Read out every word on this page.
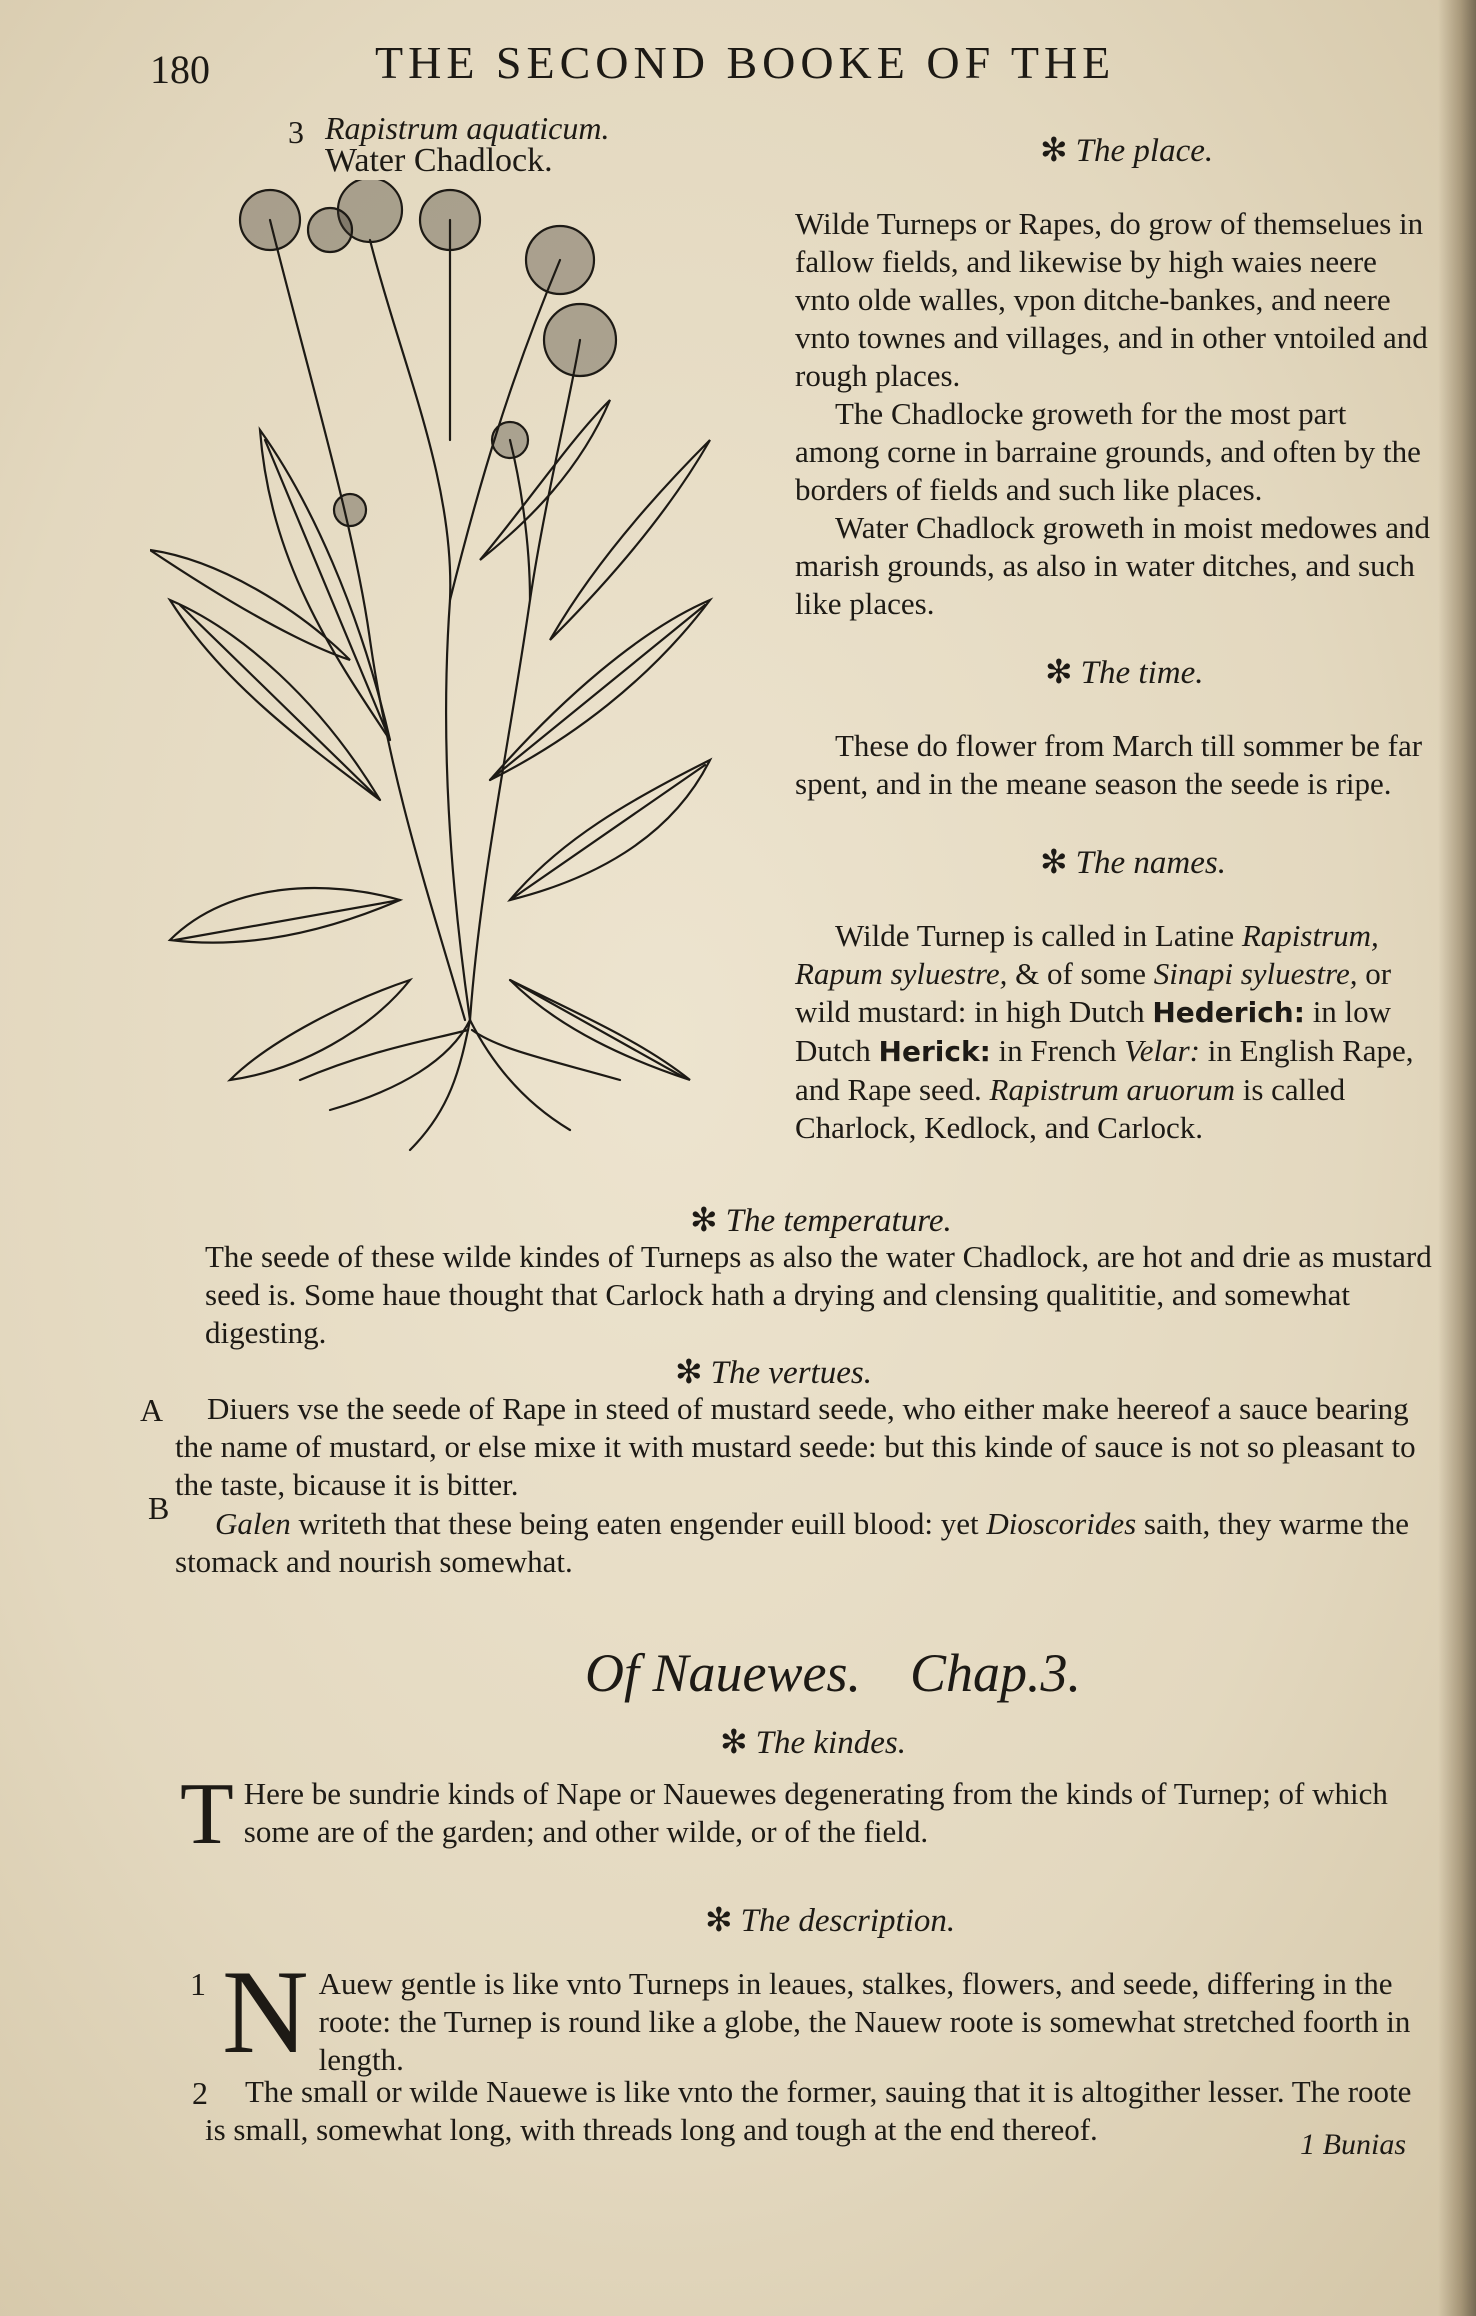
180	THE SECOND BOOKE OF THE
3 Rapistrum aquaticum.
Water Chadlock.	✻ The place.

Wilde Turneps or Rapes, do grow of themselues in fallow fields, and likewise by high waies neere vnto olde walles, vpon ditche-bankes, and neere vnto townes and villages, and in other vntoiled and rough places.

The Chadlocke groweth for the most part among corne in barraine grounds, and often by the borders of fields and such like places.

Water Chadlock groweth in moist medowes and marish grounds, as also in water ditches, and such like places.

✻ The time.

These do flower from March till sommer be far spent, and in the meane season the seede is ripe.

✻ The names.

Wilde Turnep is called in Latine Rapistrum, Rapum syluestre, & of some Sinapi syluestre, or wild mustard: in high Dutch Hederich: in low Dutch Herick: in French Velar: in English Rape, and Rape seed. Rapistrum aruorum is called Charlock, Kedlock, and Carlock.

✻ The temperature.

The seede of these wilde kindes of Turneps as also the water Chadlock, are hot and drie as mustard seed is. Some haue thought that Carlock hath a drying and clensing qualititie, and somewhat digesting.

✻ The vertues.
A	Diuers vse the seede of Rape in steed of mustard seede, who either make heereof a sauce bearing the name of mustard, or else mixe it with mustard seede: but this kinde of sauce is not so pleasant to the taste, bicause it is bitter.

B	Galen writeth that these being eaten engender euill blood: yet Dioscorides saith, they warme the stomack and nourish somewhat.

Of Nauewes. Chap.3.
✻ The kindes.
T Here be sundrie kinds of Nape or Nauewes degenerating from the kinds of Turnep; of which some are of the garden; and other wilde, or of the field.

✻ The description.
1 N Auew gentle is like vnto Turneps in leaues, stalkes, flowers, and seede, differing in the roote: the Turnep is round like a globe, the Nauew roote is somewhat stretched foorth in length.

2	The small or wilde Nauewe is like vnto the former, sauing that it is altogither lesser. The roote is small, somewhat long, with threads long and tough at the end thereof.	1 Bunias
